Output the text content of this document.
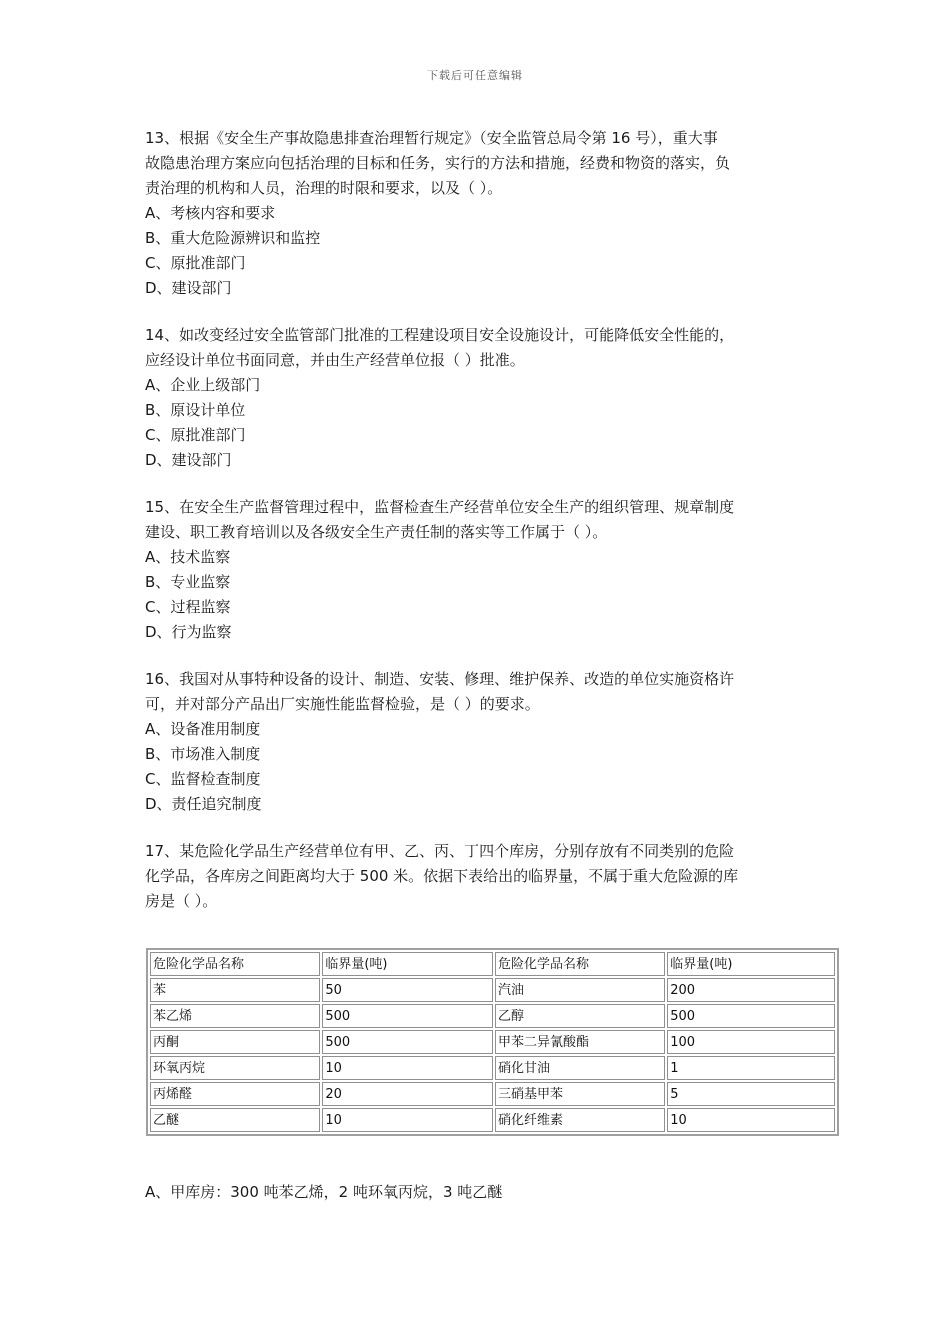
下载后可任意编辑

13、根据《安全生产事故隐患排查治理暂行规定》（安全监管总局令第 16 号），重大事

故隐患治理方案应向包括治理的目标和任务，实行的方法和措施，经费和物资的落实，负

责治理的机构和人员，治理的时限和要求，以及（ ）。

A、考核内容和要求

B、重大危险源辨识和监控

C、原批准部门

D、建设部门

14、如改变经过安全监管部门批准的工程建设项目安全设施设计，可能降低安全性能的，

应经设计单位书面同意，并由生产经营单位报（ ）批准。

A、企业上级部门

B、原设计单位

C、原批准部门

D、建设部门

15、在安全生产监督管理过程中，监督检查生产经营单位安全生产的组织管理、规章制度

建设、职工教育培训以及各级安全生产责任制的落实等工作属于（ ）。

A、技术监察

B、专业监察

C、过程监察

D、行为监察

16、我国对从事特种设备的设计、制造、安装、修理、维护保养、改造的单位实施资格许

可，并对部分产品出厂实施性能监督检验，是（ ）的要求。

A、设备准用制度

B、市场准入制度

C、监督检查制度

D、责任追究制度

17、某危险化学品生产经营单位有甲、乙、丙、丁四个库房，分别存放有不同类别的危险

化学品，各库房之间距离均大于 500 米。依据下表给出的临界量，不属于重大危险源的库

房是（ ）。

危险化学品名称	临界量(吨)	危险化学品名称	临界量(吨)
苯	50	汽油	200
苯乙烯	500	乙醇	500
丙酮	500	甲苯二异氰酸酯	100
环氧丙烷	10	硝化甘油	1
丙烯醛	20	三硝基甲苯	5
乙醚	10	硝化纤维素	10

A、甲库房：300 吨苯乙烯，2 吨环氧丙烷，3 吨乙醚
